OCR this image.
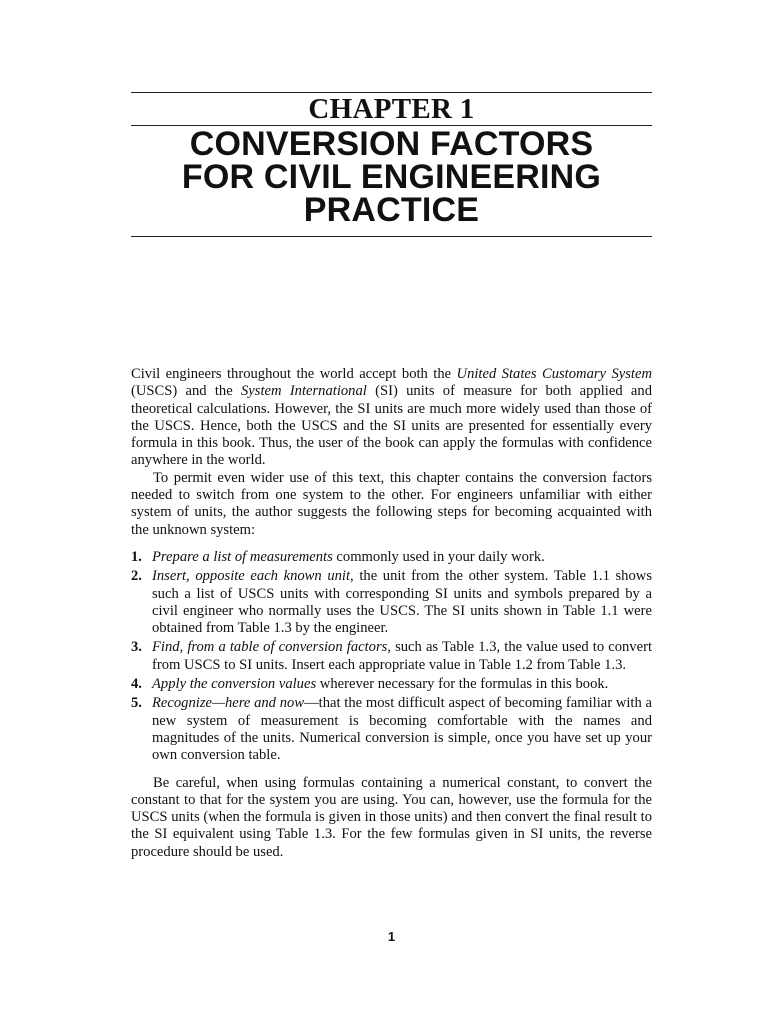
CHAPTER 1
CONVERSION FACTORS
FOR CIVIL ENGINEERING
PRACTICE

Civil engineers throughout the world accept both the United States Customary System (USCS) and the System International (SI) units of measure for both applied and theoretical calculations. However, the SI units are much more widely used than those of the USCS. Hence, both the USCS and the SI units are presented for essentially every formula in this book. Thus, the user of the book can apply the formulas with confidence anywhere in the world.

To permit even wider use of this text, this chapter contains the conversion factors needed to switch from one system to the other. For engineers unfamiliar with either system of units, the author suggests the following steps for becoming acquainted with the unknown system:

1. Prepare a list of measurements commonly used in your daily work.
2. Insert, opposite each known unit, the unit from the other system. Table 1.1 shows such a list of USCS units with corresponding SI units and symbols prepared by a civil engineer who normally uses the USCS. The SI units shown in Table 1.1 were obtained from Table 1.3 by the engineer.
3. Find, from a table of conversion factors, such as Table 1.3, the value used to convert from USCS to SI units. Insert each appropriate value in Table 1.2 from Table 1.3.
4. Apply the conversion values wherever necessary for the formulas in this book.
5. Recognize—here and now—that the most difficult aspect of becoming familiar with a new system of measurement is becoming comfortable with the names and magnitudes of the units. Numerical conversion is simple, once you have set up your own conversion table.

Be careful, when using formulas containing a numerical constant, to convert the constant to that for the system you are using. You can, however, use the formula for the USCS units (when the formula is given in those units) and then convert the final result to the SI equivalent using Table 1.3. For the few formulas given in SI units, the reverse procedure should be used.

1
